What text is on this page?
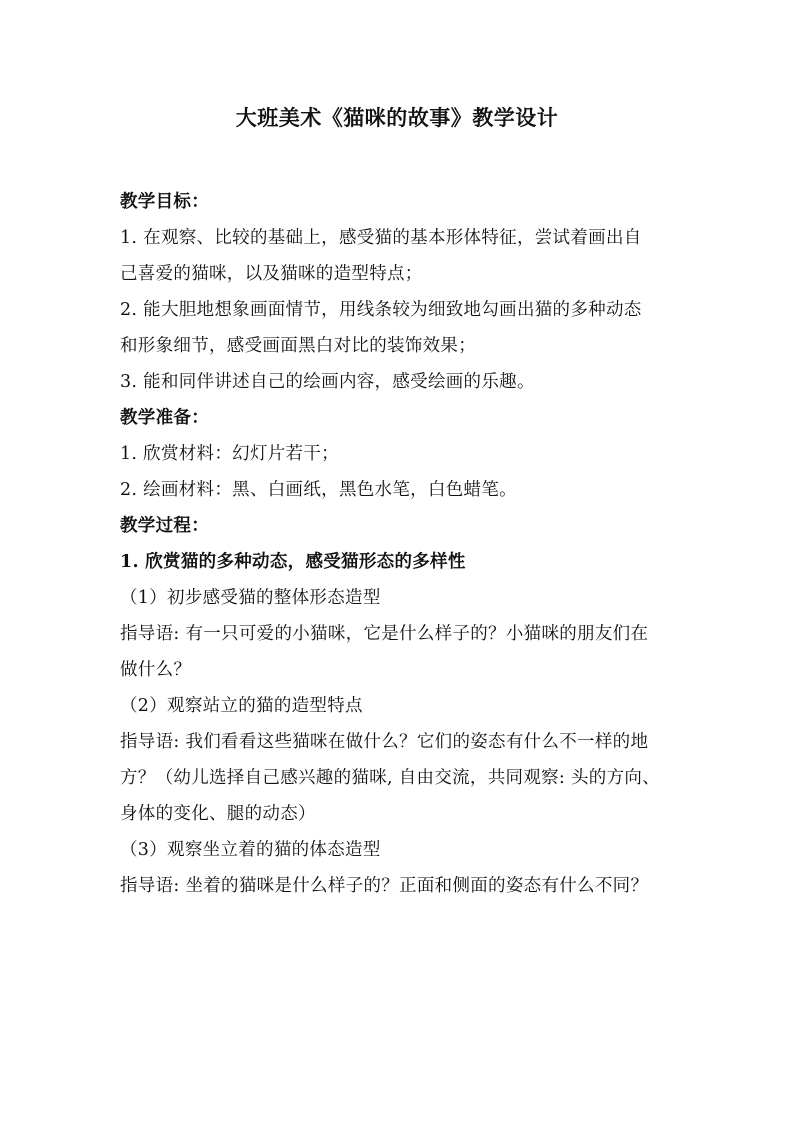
大班美术《猫咪的故事》教学设计
教学目标：
1. 在观察、比较的基础上，感受猫的基本形体特征，尝试着画出自
己喜爱的猫咪，以及猫咪的造型特点；
2. 能大胆地想象画面情节，用线条较为细致地勾画出猫的多种动态
和形象细节，感受画面黑白对比的装饰效果；
3. 能和同伴讲述自己的绘画内容，感受绘画的乐趣。
教学准备：
1. 欣赏材料：幻灯片若干；
2. 绘画材料：黑、白画纸，黑色水笔，白色蜡笔。
教学过程：
1. 欣赏猫的多种动态，感受猫形态的多样性
（1）初步感受猫的整体形态造型
指导语: 有一只可爱的小猫咪，它是什么样子的？小猫咪的朋友们在
做什么？
（2）观察站立的猫的造型特点
指导语: 我们看看这些猫咪在做什么？它们的姿态有什么不一样的地
方？（幼儿选择自己感兴趣的猫咪, 自由交流，共同观察: 头的方向、
身体的变化、腿的动态）
（3）观察坐立着的猫的体态造型
指导语: 坐着的猫咪是什么样子的？正面和侧面的姿态有什么不同？
